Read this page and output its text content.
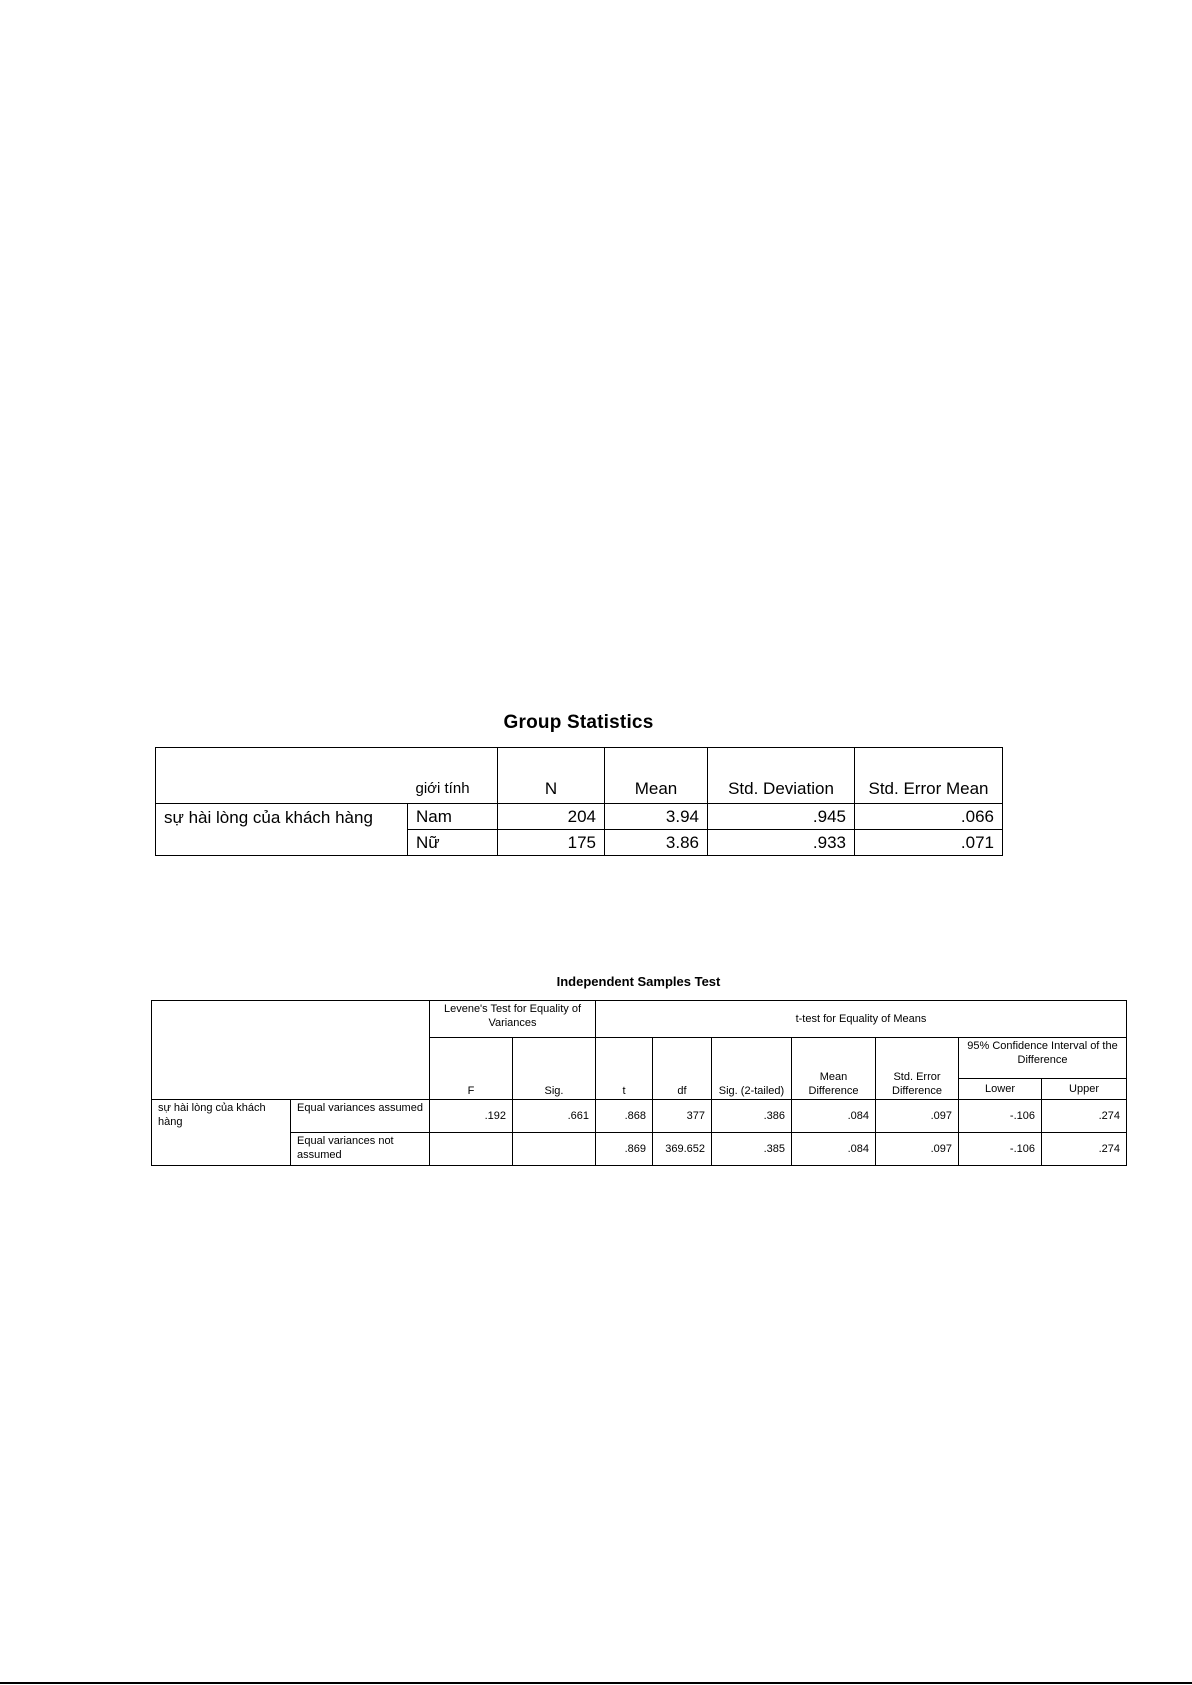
Group Statistics
	giới tính	N	Mean	Std. Deviation	Std. Error Mean
sự hài lòng của khách hàng	Nam	204	3.94	.945	.066
	Nữ	175	3.86	.933	.071
Independent Samples Test
		Levene's Test for Equality of Variances		t-test for Equality of Means						
		F	Sig.	t	df	Sig. (2-tailed)	Mean Difference	Std. Error Difference	95% Confidence Interval of the Difference	
									Lower	Upper
sự hài lòng của khách hàng	Equal variances assumed	.192	.661	.868	377	.386	.084	.097	-.106	.274
	Equal variances not assumed			.869	369.652	.385	.084	.097	-.106	.274
